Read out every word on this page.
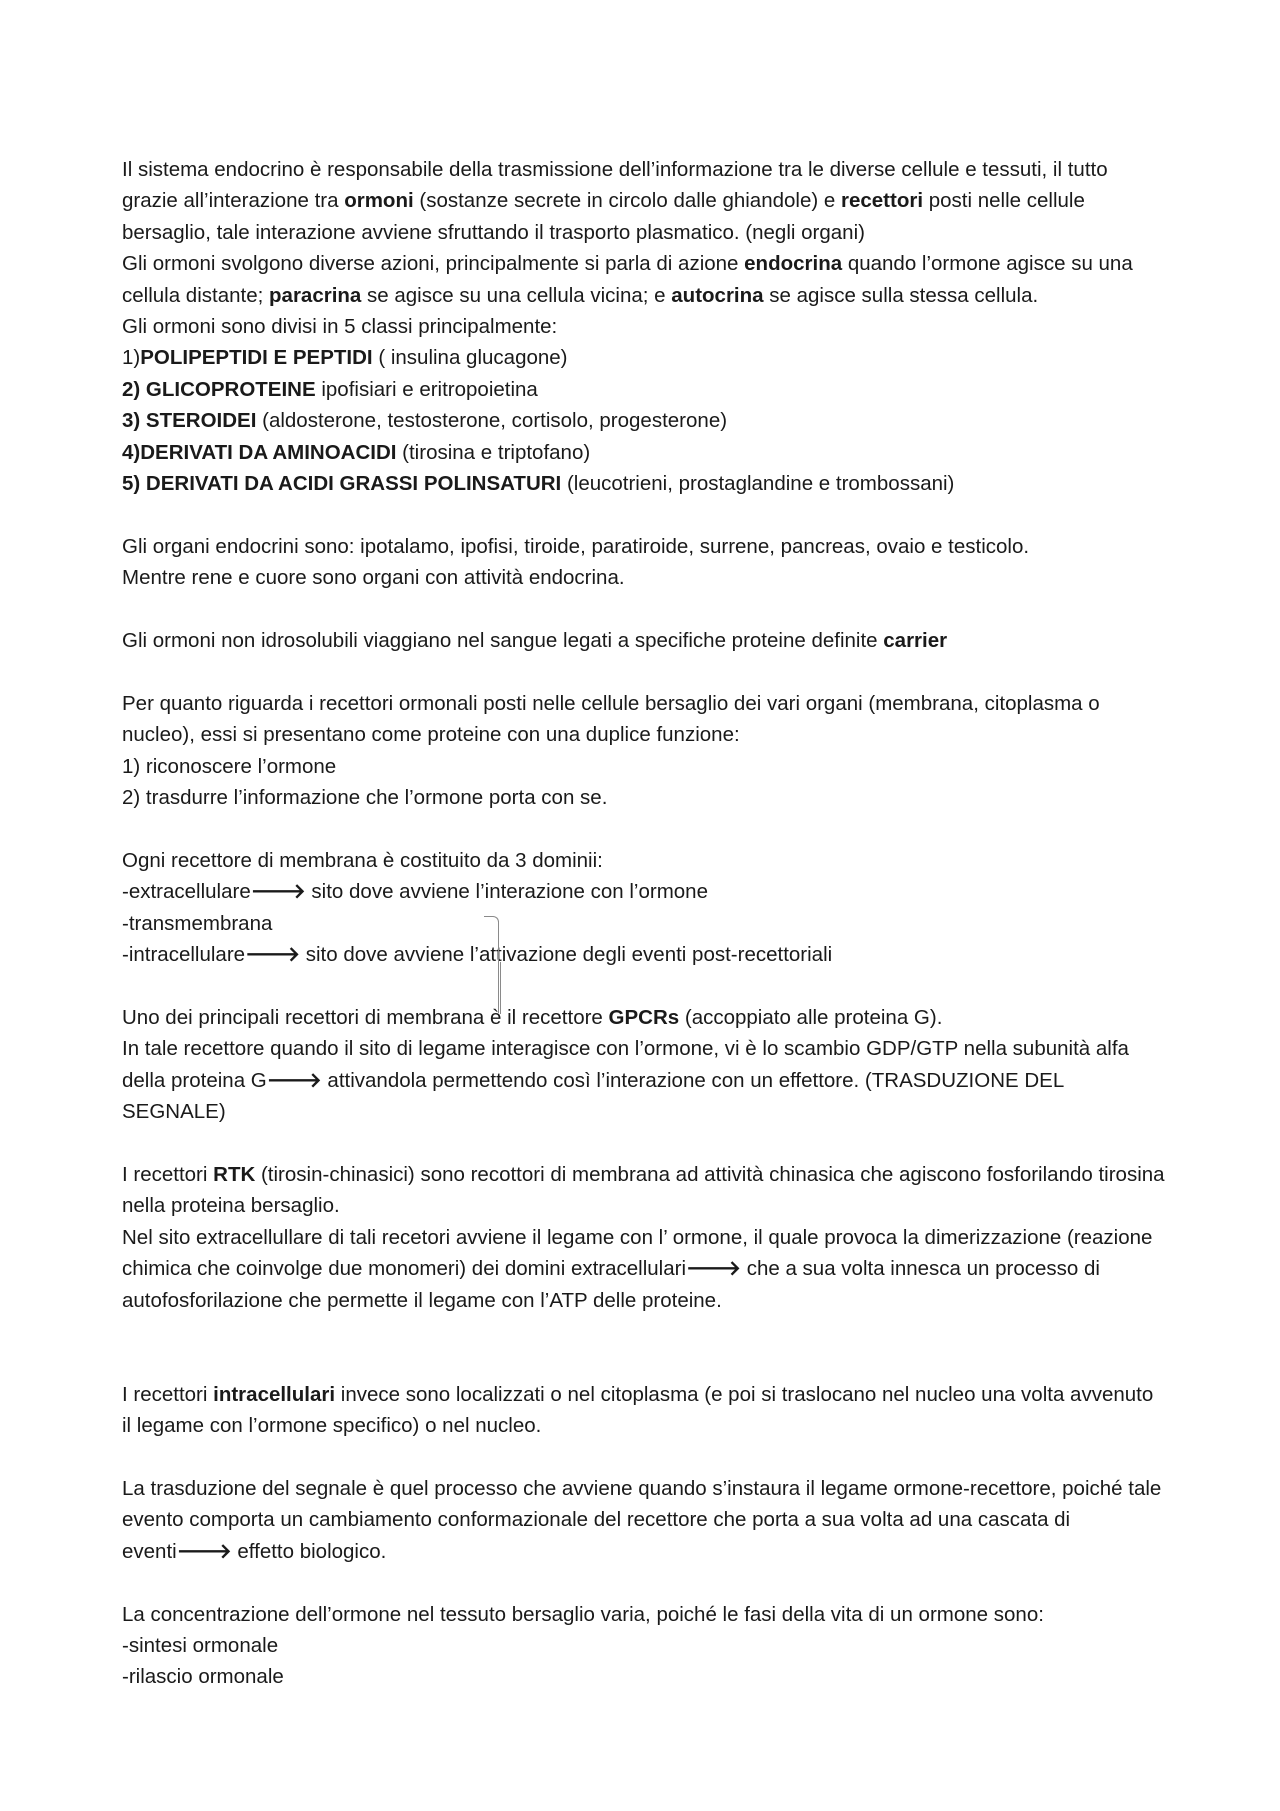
Il sistema endocrino è responsabile della trasmissione dell’informazione tra le diverse cellule e tessuti, il tutto grazie all’interazione tra ormoni (sostanze secrete in circolo dalle ghiandole) e recettori posti nelle cellule bersaglio, tale interazione avviene sfruttando il trasporto plasmatico. (negli organi)

Gli ormoni svolgono diverse azioni, principalmente si parla di azione endocrina quando l’ormone agisce su una cellula distante; paracrina se agisce su una cellula vicina; e autocrina se agisce sulla stessa cellula.

Gli ormoni sono divisi in 5 classi principalmente:

1)POLIPEPTIDI E PEPTIDI ( insulina glucagone)

2) GLICOPROTEINE ipofisiari e eritropoietina

3) STEROIDEI (aldosterone, testosterone, cortisolo, progesterone)

4)DERIVATI DA AMINOACIDI (tirosina e triptofano)

5) DERIVATI DA ACIDI GRASSI POLINSATURI (leucotrieni, prostaglandine e trombossani)

Gli organi endocrini sono: ipotalamo, ipofisi, tiroide, paratiroide, surrene, pancreas, ovaio e testicolo.

Mentre rene e cuore sono organi con attività endocrina.

Gli ormoni non idrosolubili viaggiano nel sangue legati a specifiche proteine definite carrier

Per quanto riguarda i recettori ormonali posti nelle cellule bersaglio dei vari organi (membrana, citoplasma o nucleo), essi si presentano come proteine con una duplice funzione:

1) riconoscere l’ormone

2) trasdurre l’informazione che l’ormone porta con se.

Ogni recettore di membrana è costituito da 3 dominii:

-extracellulare🡒 sito dove avviene l’interazione con l’ormone

-transmembrana

-intracellulare🡒 sito dove avviene l’attivazione degli eventi post-recettoriali

Uno dei principali recettori di membrana è il recettore GPCRs (accoppiato alle proteina G).

In tale recettore quando il sito di legame interagisce con l’ormone, vi è lo scambio GDP/GTP nella subunità alfa della proteina G🡒 attivandola permettendo così l’interazione con un effettore. (TRASDUZIONE DEL SEGNALE)

I recettori RTK (tirosin-chinasici) sono recottori di membrana ad attività chinasica che agiscono fosforilando tirosina nella proteina bersaglio.

Nel sito extracellullare di tali recetori avviene il legame con l’ ormone, il quale provoca la dimerizzazione (reazione chimica che coinvolge due monomeri) dei domini extracellulari🡒 che a sua volta innesca un processo di autofosforilazione che permette il legame con l’ATP delle proteine.

I recettori intracellulari invece sono localizzati o nel citoplasma (e poi si traslocano nel nucleo una volta avvenuto il legame con l’ormone specifico) o nel nucleo.

La trasduzione del segnale è quel processo che avviene quando s’instaura il legame ormone-recettore, poiché tale evento comporta un cambiamento conformazionale del recettore che porta a sua volta ad una cascata di eventi🡒 effetto biologico.

La concentrazione dell’ormone nel tessuto bersaglio varia, poiché le fasi della vita di un ormone sono:

-sintesi ormonale

-rilascio ormonale
